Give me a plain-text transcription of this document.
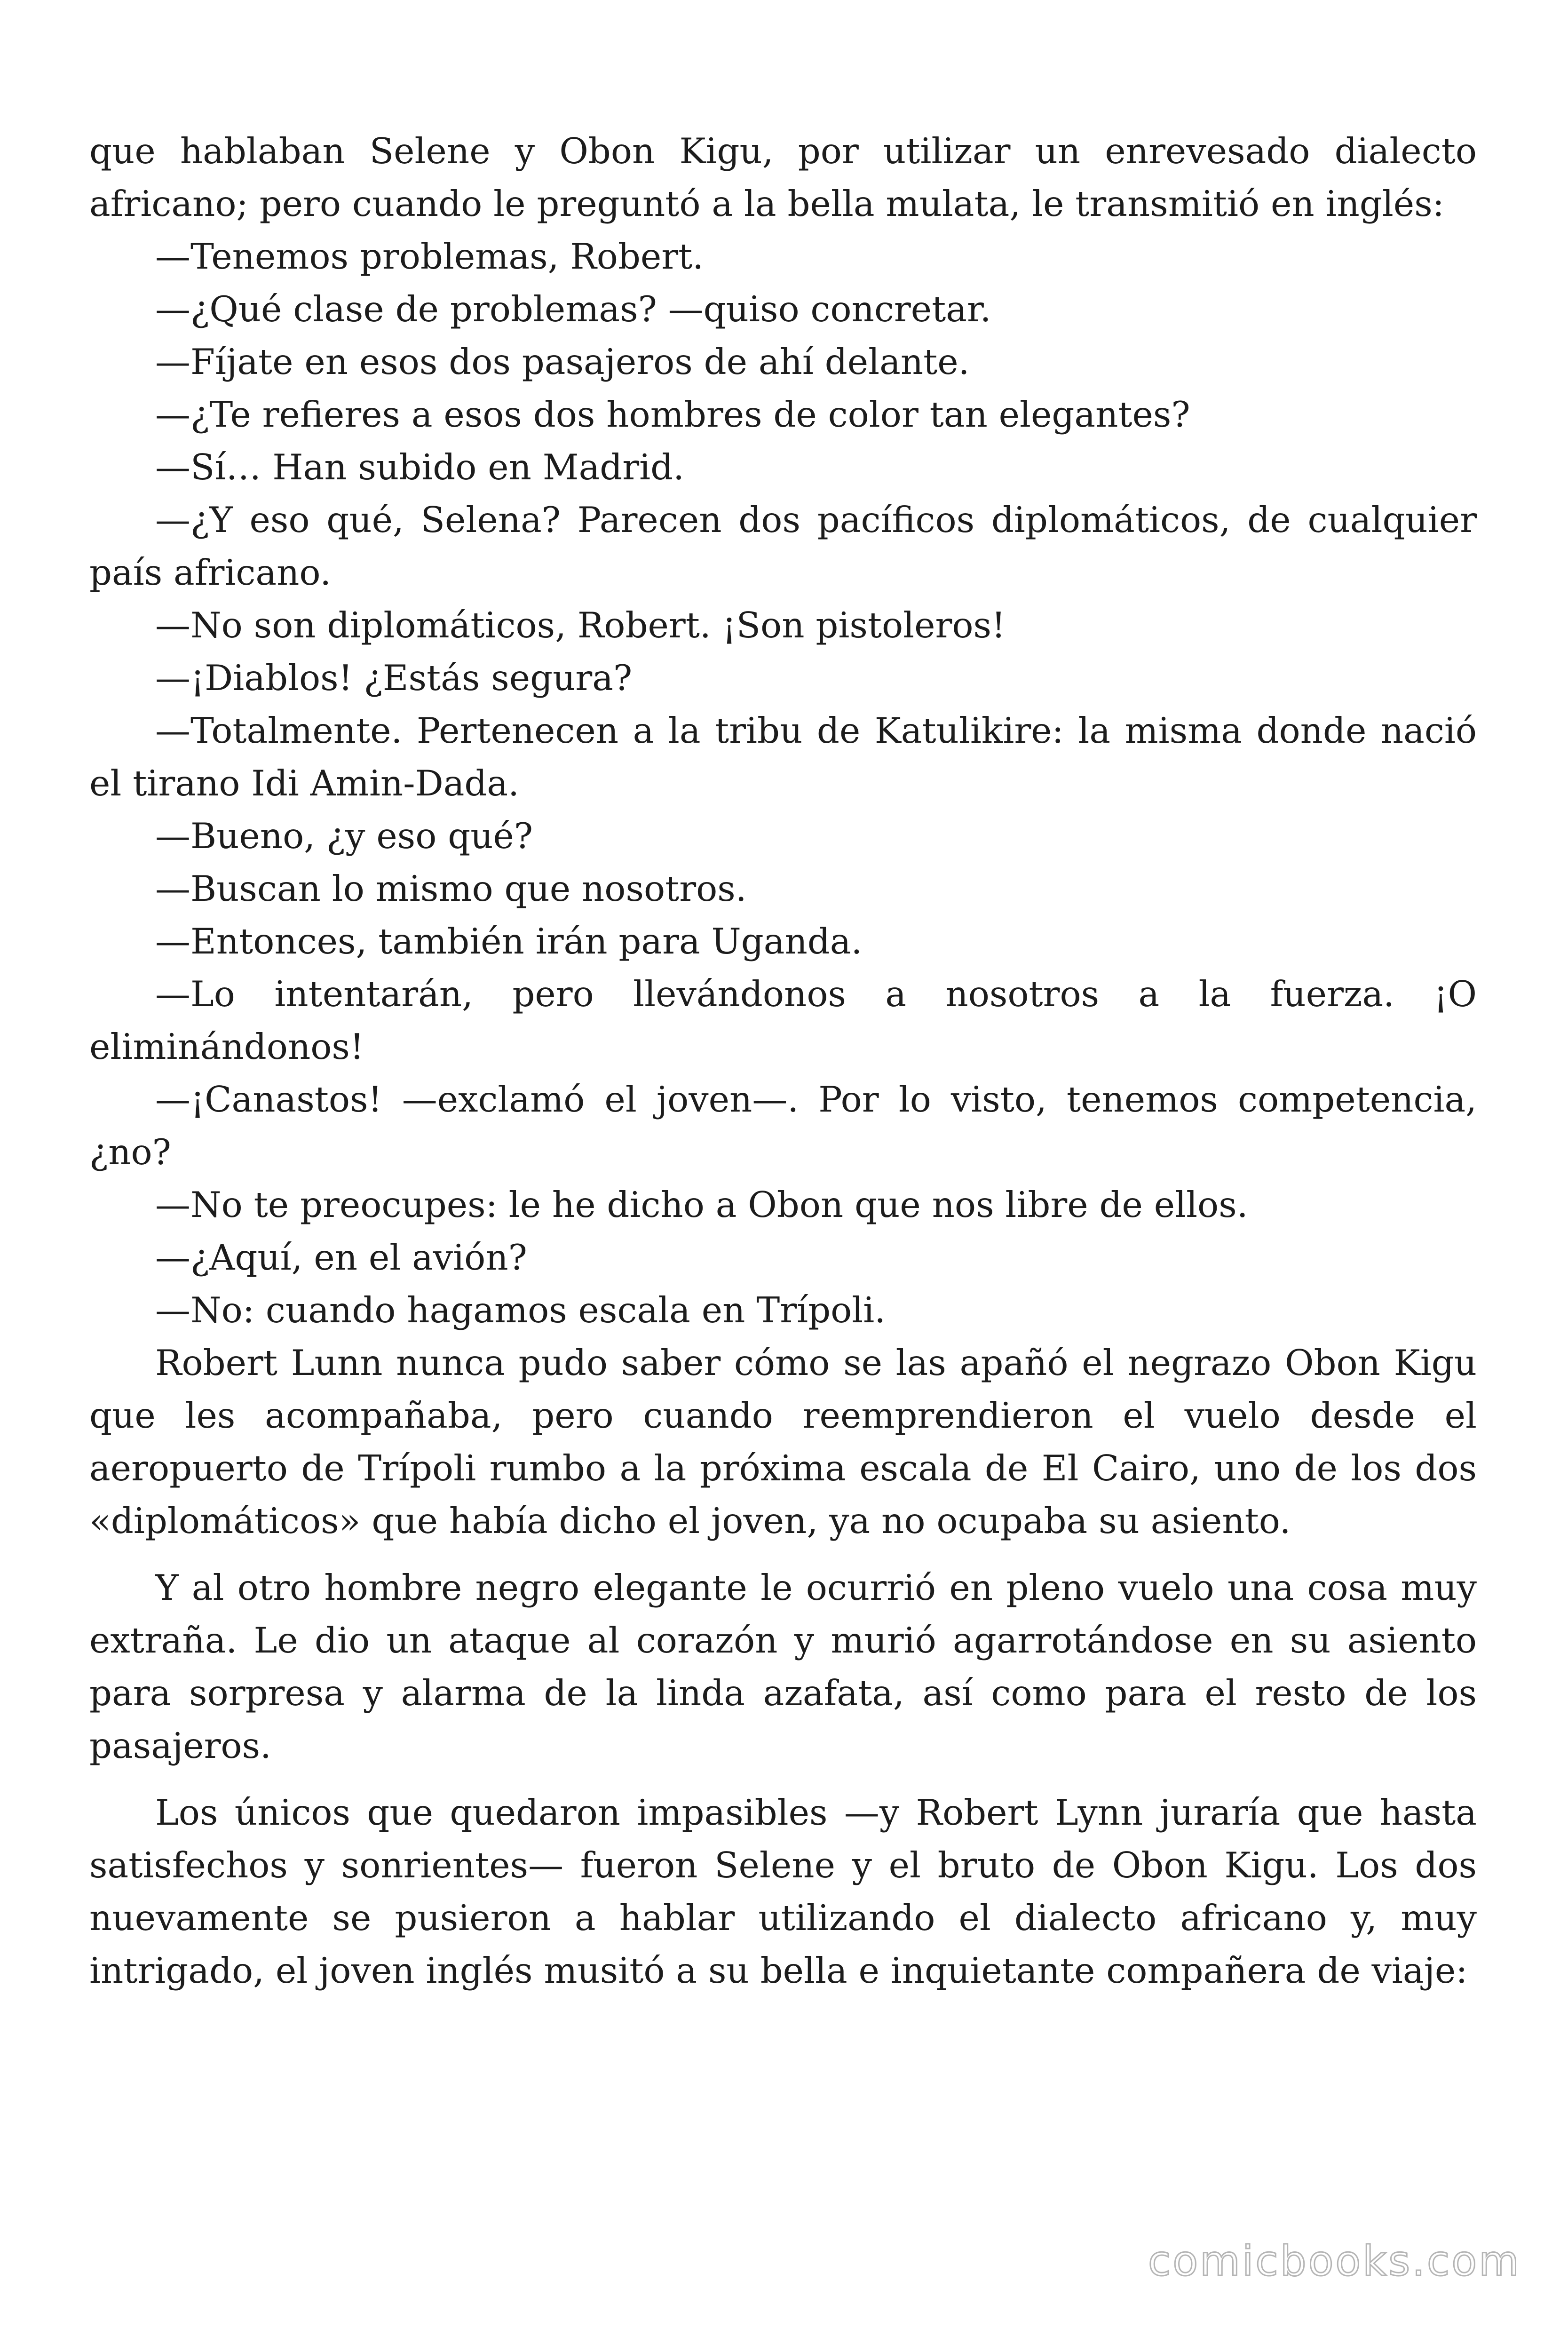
que hablaban Selene y Obon Kigu, por utilizar un enrevesado dialecto africano; pero cuando le preguntó a la bella mulata, le transmitió en inglés:

—Tenemos problemas, Robert.

—¿Qué clase de problemas? —quiso concretar.

—Fíjate en esos dos pasajeros de ahí delante.

—¿Te refieres a esos dos hombres de color tan elegantes?

—Sí… Han subido en Madrid.

—¿Y eso qué, Selena? Parecen dos pacíficos diplomáticos, de cualquier país africano.

—No son diplomáticos, Robert. ¡Son pistoleros!

—¡Diablos! ¿Estás segura?

—Totalmente. Pertenecen a la tribu de Katulikire: la misma donde nació el tirano Idi Amin-Dada.

—Bueno, ¿y eso qué?

—Buscan lo mismo que nosotros.

—Entonces, también irán para Uganda.

—Lo intentarán, pero llevándonos a nosotros a la fuerza. ¡O eliminándonos!

—¡Canastos! —exclamó el joven—. Por lo visto, tenemos competencia, ¿no?

—No te preocupes: le he dicho a Obon que nos libre de ellos.

—¿Aquí, en el avión?

—No: cuando hagamos escala en Trípoli.

Robert Lunn nunca pudo saber cómo se las apañó el negrazo Obon Kigu que les acompañaba, pero cuando reemprendieron el vuelo desde el aeropuerto de Trípoli rumbo a la próxima escala de El Cairo, uno de los dos «diplomáticos» que había dicho el joven, ya no ocupaba su asiento.

Y al otro hombre negro elegante le ocurrió en pleno vuelo una cosa muy extraña. Le dio un ataque al corazón y murió agarrotándose en su asiento para sorpresa y alarma de la linda azafata, así como para el resto de los pasajeros.

Los únicos que quedaron impasibles —y Robert Lynn juraría que hasta satisfechos y sonrientes— fueron Selene y el bruto de Obon Kigu. Los dos nuevamente se pusieron a hablar utilizando el dialecto africano y, muy intrigado, el joven inglés musitó a su bella e inquietante compañera de viaje:

comicbooks.com
